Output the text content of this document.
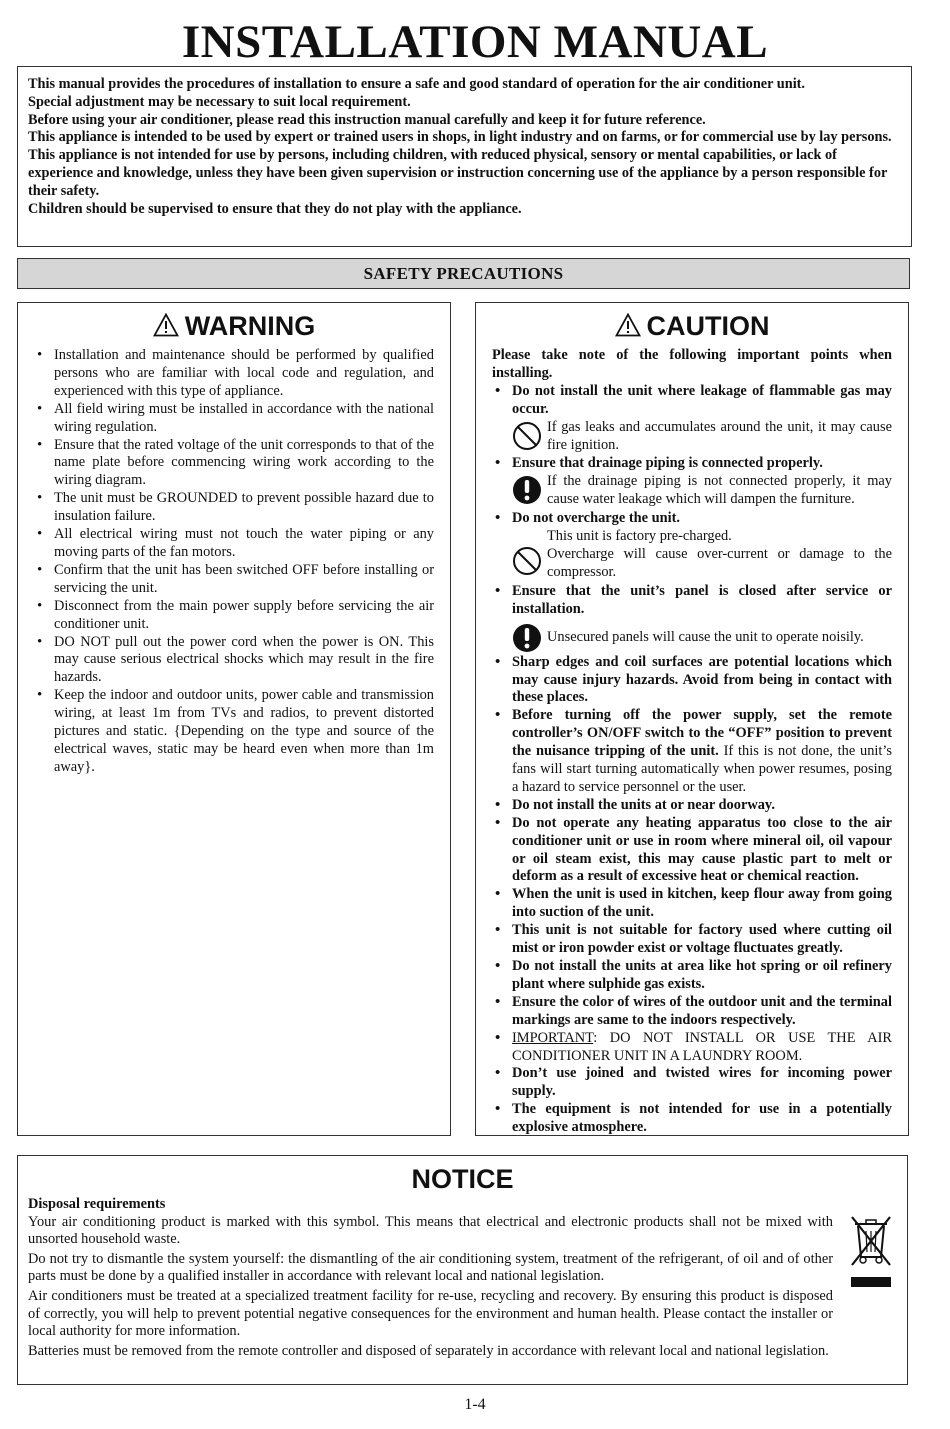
INSTALLATION MANUAL

This manual provides the procedures of installation to ensure a safe and good standard of operation for the air conditioner unit.

Special adjustment may be necessary to suit local requirement.

Before using your air conditioner, please read this instruction manual carefully and keep it for future reference.

This appliance is intended to be used by expert or trained users in shops, in light industry and on farms, or for commercial use by lay persons.

This appliance is not intended for use by persons, including children, with reduced physical, sensory or mental capabilities, or lack of experience and knowledge, unless they have been given supervision or instruction concerning use of the appliance by a person responsible for their safety.

Children should be supervised to ensure that they do not play with the appliance.

SAFETY PRECAUTIONS
WARNING
• Installation and maintenance should be performed by qualified persons who are familiar with local code and regulation, and experienced with this type of appliance.
• All field wiring must be installed in accordance with the national wiring regulation.
• Ensure that the rated voltage of the unit corresponds to that of the name plate before commencing wiring work according to the wiring diagram.
• The unit must be GROUNDED to prevent possible hazard due to insulation failure.
• All electrical wiring must not touch the water piping or any moving parts of the fan motors.
• Confirm that the unit has been switched OFF before installing or servicing the unit.
• Disconnect from the main power supply before servicing the air conditioner unit.
• DO NOT pull out the power cord when the power is ON. This may cause serious electrical shocks which may result in the fire hazards.
• Keep the indoor and outdoor units, power cable and transmission wiring, at least 1m from TVs and radios, to prevent distorted pictures and static. {Depending on the type and source of the electrical waves, static may be heard even when more than 1m away}.
CAUTION

Please take note of the following important points when installing.

• Do not install the unit where leakage of flammable gas may occur.

If gas leaks and accumulates around the unit, it may cause fire ignition.

• Ensure that drainage piping is connected properly.

If the drainage piping is not connected properly, it may cause water leakage which will dampen the furniture.

• Do not overcharge the unit.

This unit is factory pre-charged.

Overcharge will cause over-current or damage to the compressor.

• Ensure that the unit’s panel is closed after service or installation.

Unsecured panels will cause the unit to operate noisily.

• Sharp edges and coil surfaces are potential locations which may cause injury hazards. Avoid from being in contact with these places.
• Before turning off the power supply, set the remote controller’s ON/OFF switch to the “OFF” position to prevent the nuisance tripping of the unit. If this is not done, the unit’s fans will start turning automatically when power resumes, posing a hazard to service personnel or the user.
• Do not install the units at or near doorway.
• Do not operate any heating apparatus too close to the air conditioner unit or use in room where mineral oil, oil vapour or oil steam exist, this may cause plastic part to melt or deform as a result of excessive heat or chemical reaction.
• When the unit is used in kitchen, keep flour away from going into suction of the unit.
• This unit is not suitable for factory used where cutting oil mist or iron powder exist or voltage fluctuates greatly.
• Do not install the units at area like hot spring or oil refinery plant where sulphide gas exists.
• Ensure the color of wires of the outdoor unit and the terminal markings are same to the indoors respectively.
• IMPORTANT: DO NOT INSTALL OR USE THE AIR CONDITIONER UNIT IN A LAUNDRY ROOM.
• Don’t use joined and twisted wires for incoming power supply.
• The equipment is not intended for use in a potentially explosive atmosphere.
NOTICE

Disposal requirements

Your air conditioning product is marked with this symbol. This means that electrical and electronic products shall not be mixed with unsorted household waste.

Do not try to dismantle the system yourself: the dismantling of the air conditioning system, treatment of the refrigerant, of oil and of other parts must be done by a qualified installer in accordance with relevant local and national legislation.

Air conditioners must be treated at a specialized treatment facility for re-use, recycling and recovery. By ensuring this product is disposed of correctly, you will help to prevent potential negative consequences for the environment and human health. Please contact the installer or local authority for more information.

Batteries must be removed from the remote controller and disposed of separately in accordance with relevant local and national legislation.

1-4
